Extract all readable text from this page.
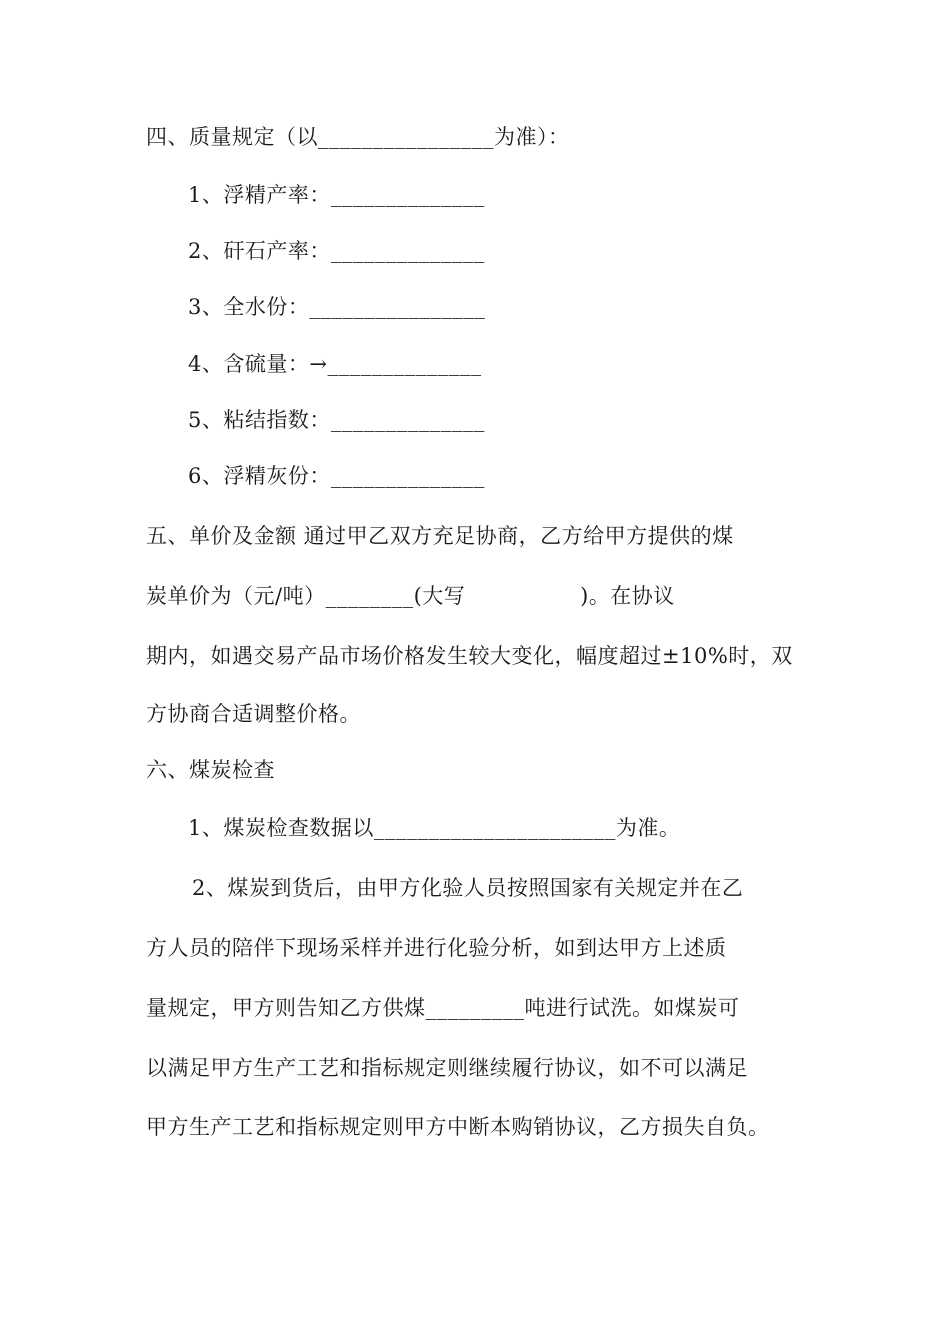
四、质量规定（以________________为准）：
1、浮精产率：______________
2、矸石产率：______________
3、全水份：________________
4、含硫量：→______________
5、粘结指数：______________
6、浮精灰份：______________
五、单价及金额 通过甲乙双方充足协商，乙方给甲方提供的煤
炭单价为（元/吨）________(大写                )。在协议
期内，如遇交易产品市场价格发生较大变化，幅度超过±10%时，双
方协商合适调整价格。
六、煤炭检查
1、煤炭检查数据以______________________为准。
2、煤炭到货后，由甲方化验人员按照国家有关规定并在乙
方人员的陪伴下现场采样并进行化验分析，如到达甲方上述质
量规定，甲方则告知乙方供煤_________吨进行试洗。如煤炭可
以满足甲方生产工艺和指标规定则继续履行协议，如不可以满足
甲方生产工艺和指标规定则甲方中断本购销协议，乙方损失自负。
